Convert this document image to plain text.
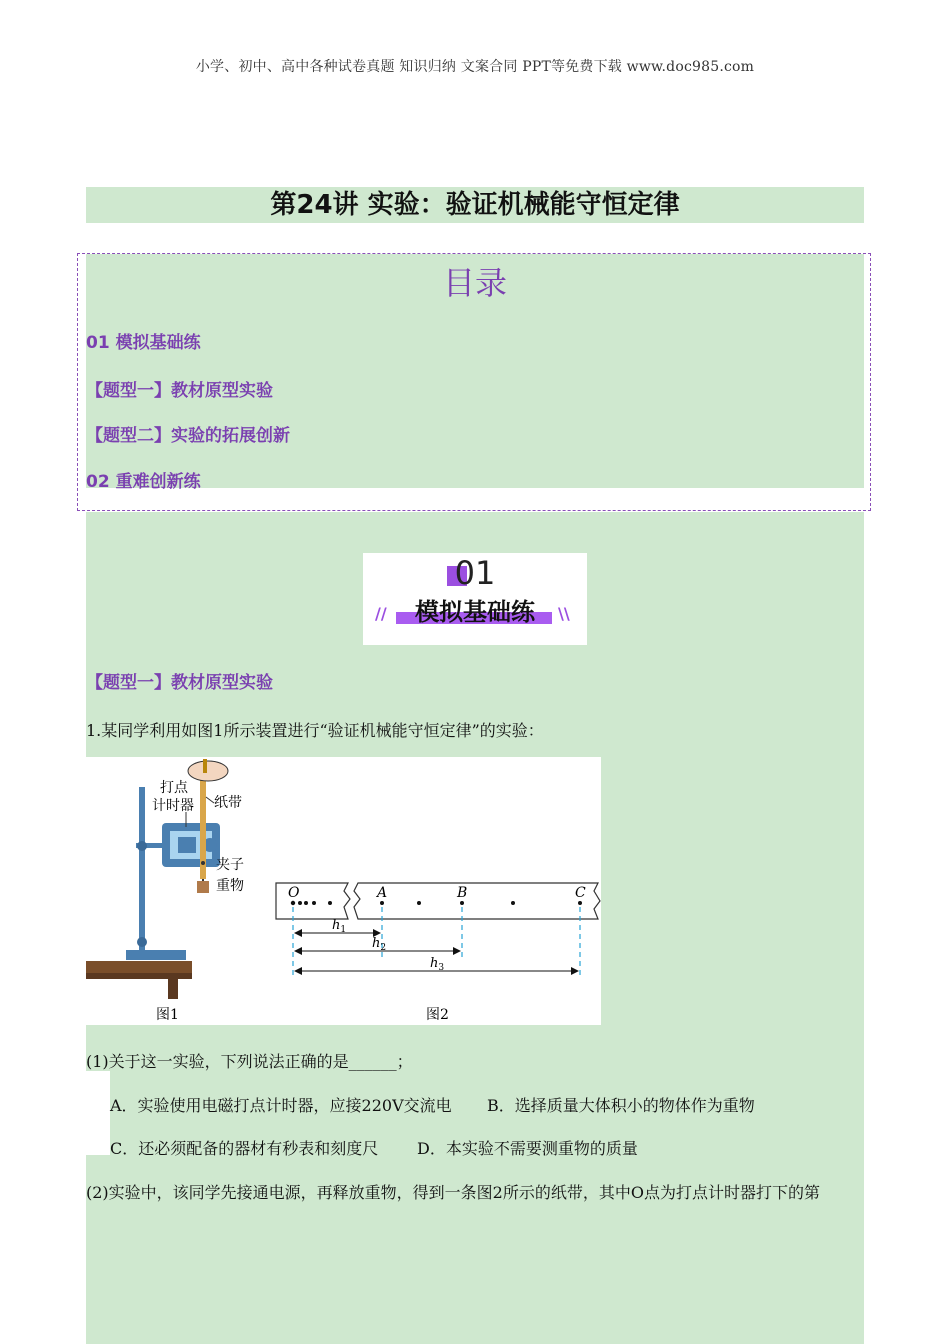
小学、初中、高中各种试卷真题 知识归纳 文案合同 PPT等免费下载 www.doc985.com
第24讲 实验：验证机械能守恒定律
目录
01 模拟基础练
【题型一】教材原型实验
【题型二】实验的拓展创新
02 重难创新练
01
模拟基础练
//	\\
【题型一】教材原型实验
1.某同学利用如图1所示装置进行“验证机械能守恒定律”的实验：
打点
计时器 纸带
夹子
重物
图1
O	A	B	C
$h_1$
$h_2$
$h_3$
图2
(1)关于这一实验，下列说法正确的是______；
A．实验使用电磁打点计时器，应接220V交流电 B．选择质量大体积小的物体作为重物
C．还必须配备的器材有秒表和刻度尺 D．本实验不需要测重物的质量
(2)实验中，该同学先接通电源，再释放重物，得到一条图2所示的纸带，其中O点为打点计时器打下的第
